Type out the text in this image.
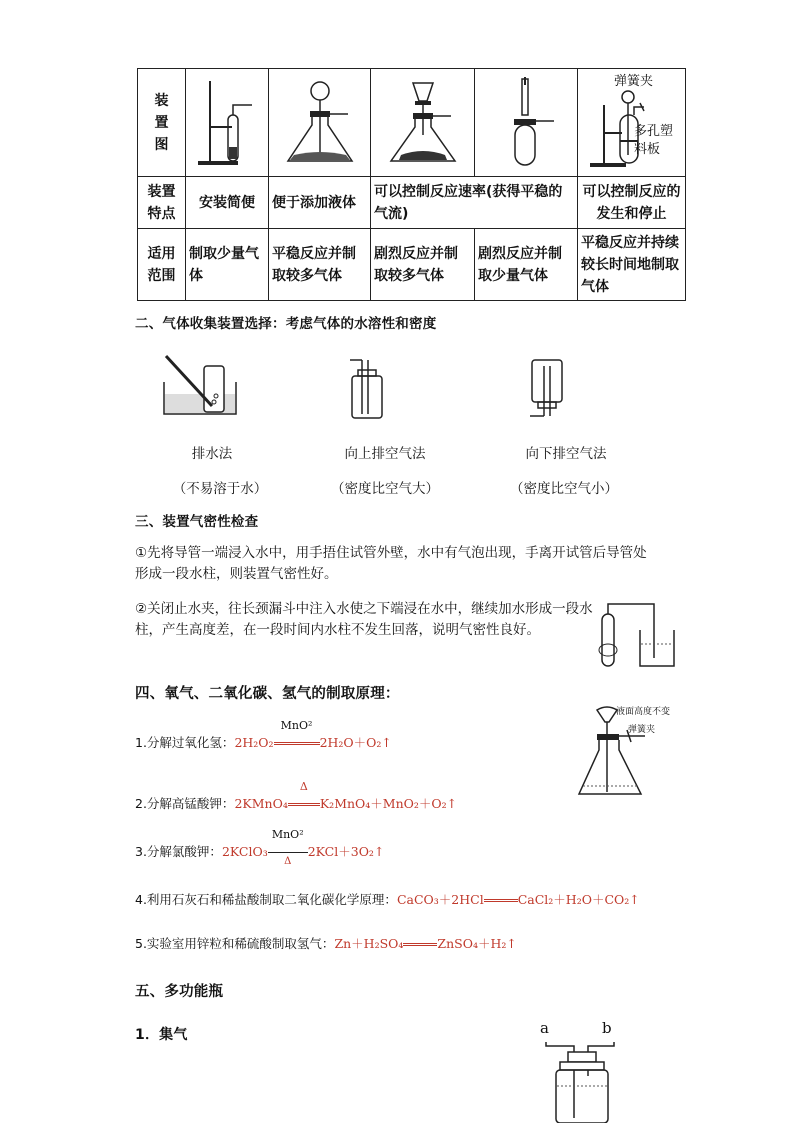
装置图					弹簧夹
多孔塑料板

装置特点	安装简便	便于添加液体	可以控制反应速率(获得平稳的气流)		可以控制反应的发生和停止
适用范围	制取少量气体	平稳反应并制取较多气体	剧烈反应并制取较多气体	剧烈反应并制取少量气体	平稳反应并持续较长时间地制取气体
二、气体收集装置选择：考虑气体的水溶性和密度
排水法
（不易溶于水）
向上排空气法
（密度比空气大）
向下排空气法
（密度比空气小）
三、装置气密性检查
①先将导管一端浸入水中，用手捂住试管外壁，水中有气泡出现，手离开试管后导管处形成一段水柱，则装置气密性好。
②关闭止水夹，往长颈漏斗中注入水使之下端浸在水中，继续加水形成一段水柱，产生高度差，在一段时间内水柱不发生回落，说明气密性良好。
四、氧气、二氧化碳、氢气的制取原理：
液面高度不变
弹簧夹
1.分解过氧化氢：2H₂O₂
MnO²
2H₂O＋O₂↑
2.分解高锰酸钾：2KMnO₄
Δ
K₂MnO₄＋MnO₂＋O₂↑
3.分解氯酸钾：2KClO₃
MnO²
Δ
2KCl＋3O₂↑
4.利用石灰石和稀盐酸制取二氧化碳化学原理：CaCO₃＋2HCl	CaCl₂＋H₂O＋CO₂↑
5.实验室用锌粒和稀硫酸制取氢气：Zn＋H₂SO₄	ZnSO₄＋H₂↑
五、多功能瓶
1．集气	a	b
